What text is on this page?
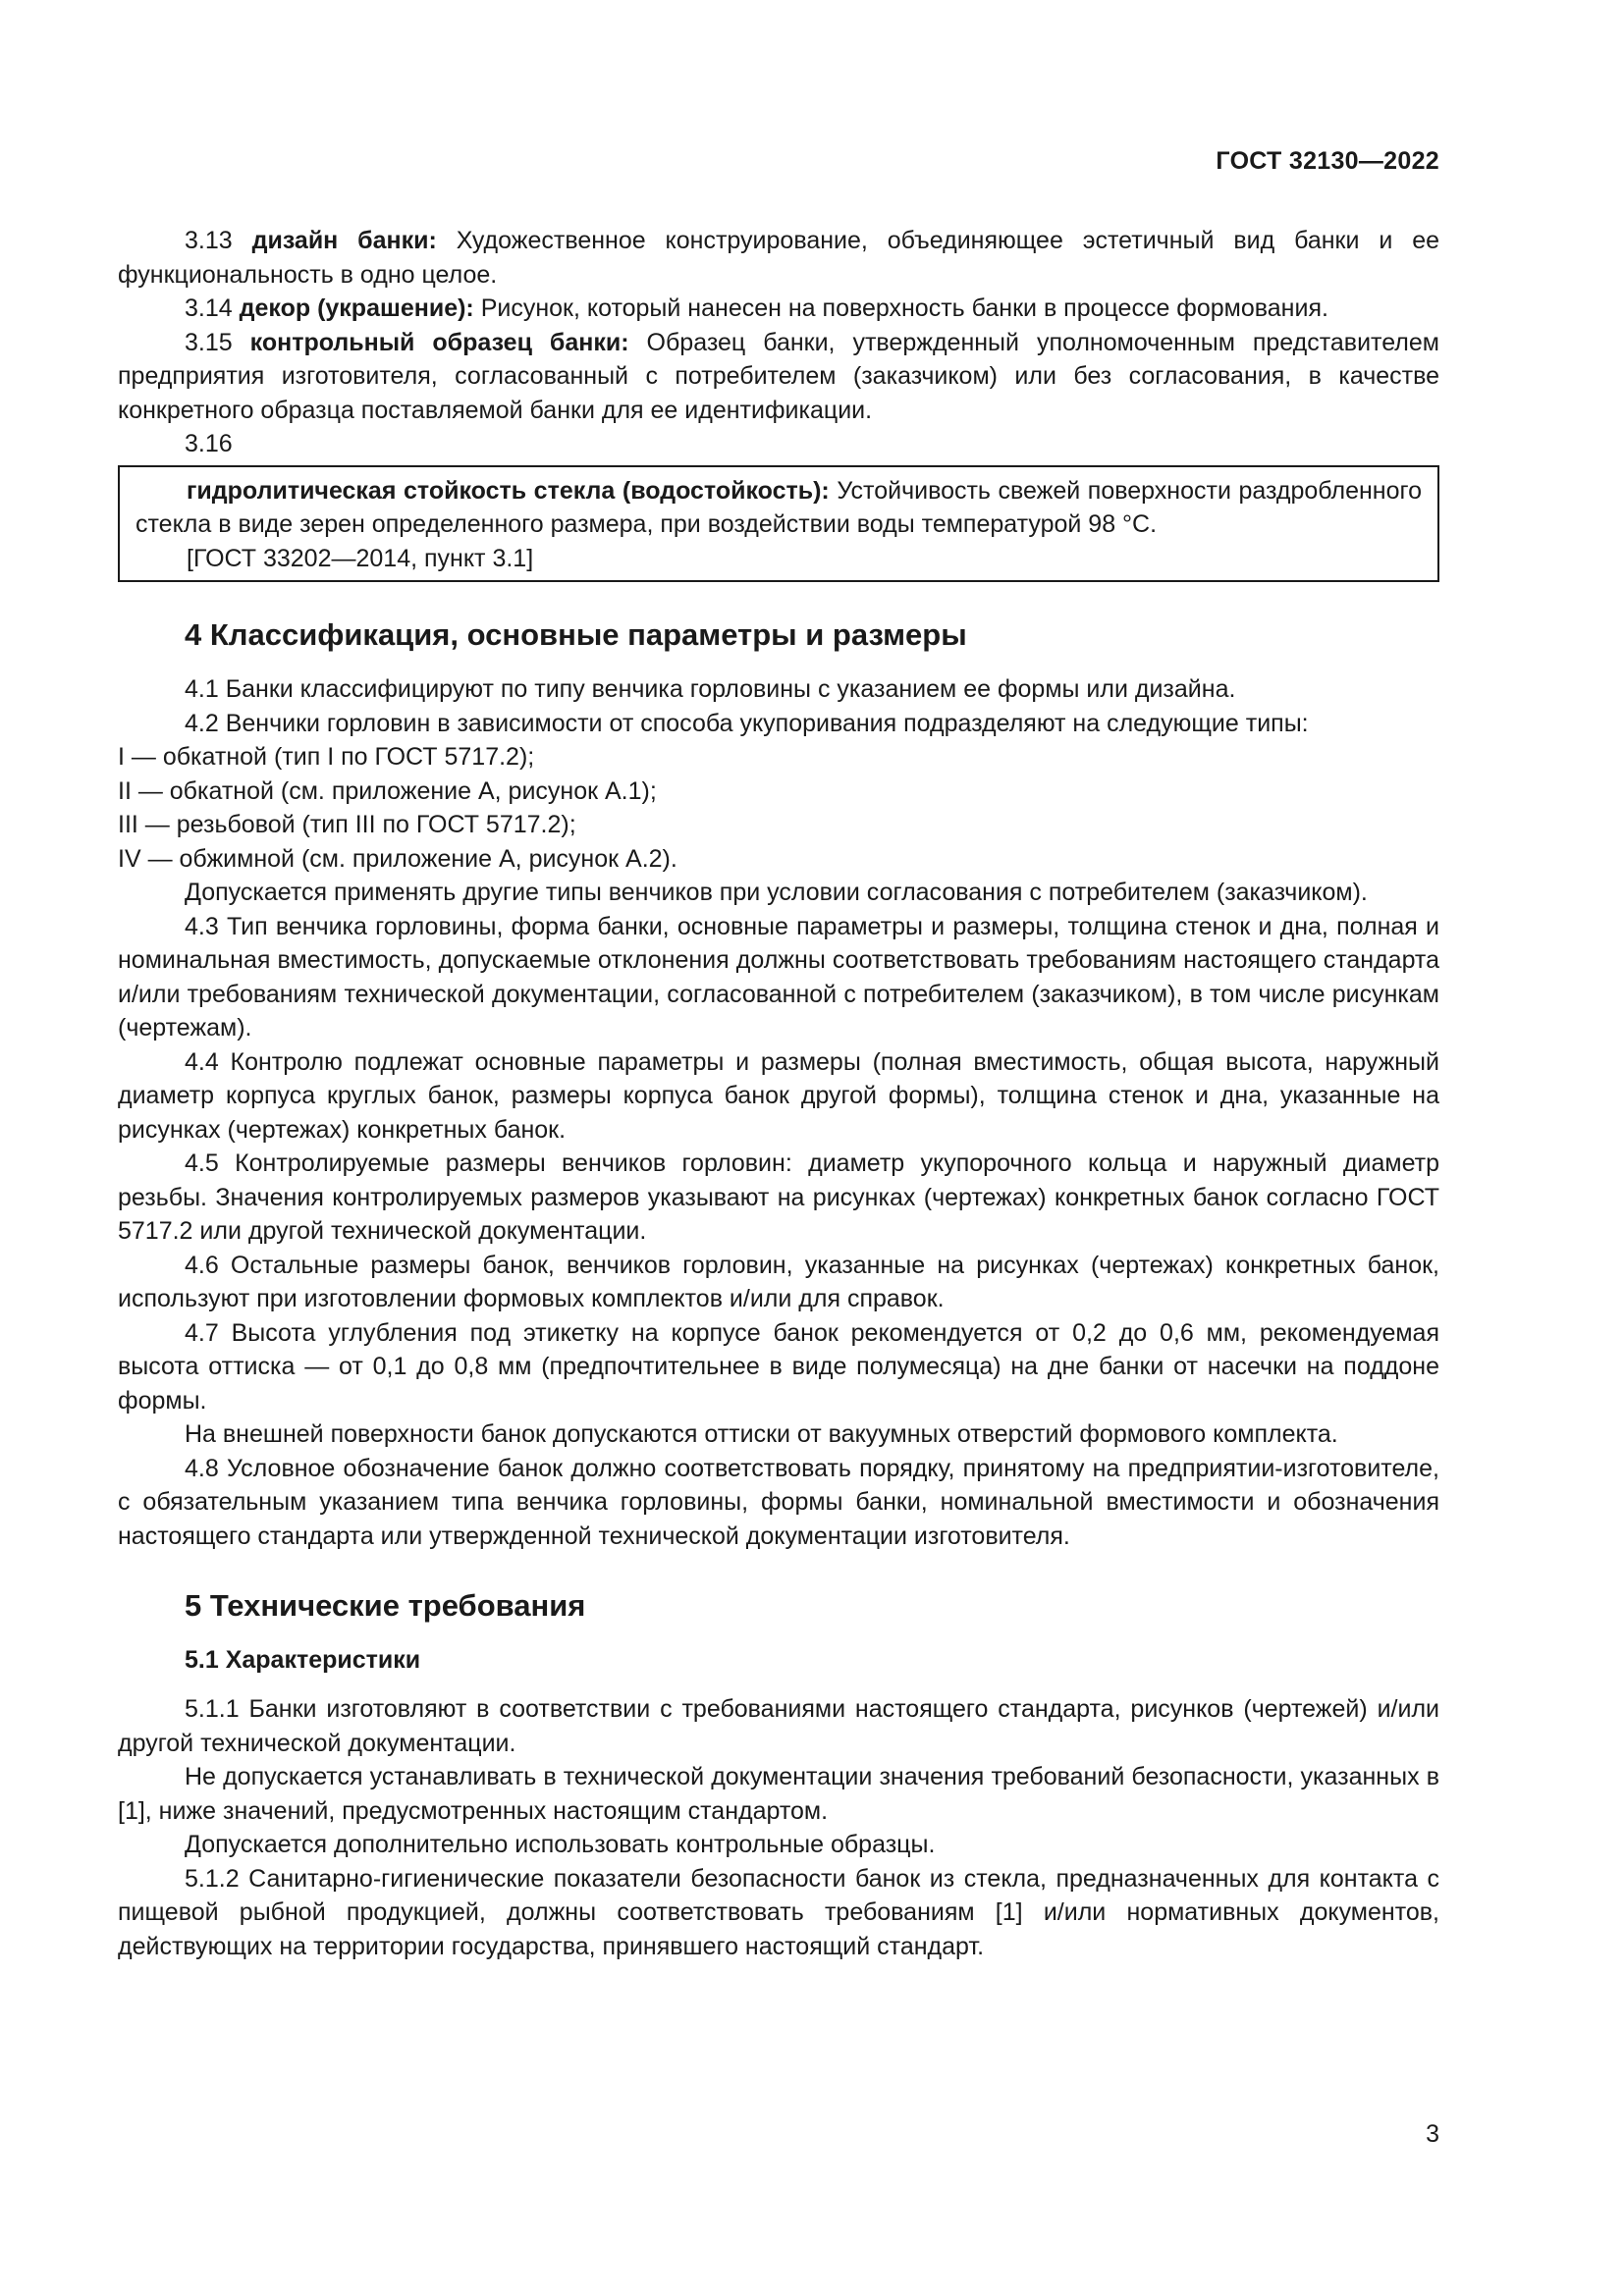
ГОСТ 32130—2022

3.13 дизайн банки: Художественное конструирование, объединяющее эстетичный вид банки и ее функциональность в одно целое.

3.14 декор (украшение): Рисунок, который нанесен на поверхность банки в процессе формования.

3.15 контрольный образец банки: Образец банки, утвержденный уполномоченным представителем предприятия изготовителя, согласованный с потребителем (заказчиком) или без согласования, в качестве конкретного образца поставляемой банки для ее идентификации.

3.16

гидролитическая стойкость стекла (водостойкость): Устойчивость свежей поверхности раздробленного стекла в виде зерен определенного размера, при воздействии воды температурой 98 °С.

[ГОСТ 33202—2014, пункт 3.1]

4 Классификация, основные параметры и размеры

4.1 Банки классифицируют по типу венчика горловины с указанием ее формы или дизайна.

4.2 Венчики горловин в зависимости от способа укупоривания подразделяют на следующие типы:

I — обкатной (тип I по ГОСТ 5717.2);

II — обкатной (см. приложение А, рисунок А.1);

III — резьбовой (тип III по ГОСТ 5717.2);

IV — обжимной (см. приложение А, рисунок А.2).

Допускается применять другие типы венчиков при условии согласования с потребителем (заказчиком).

4.3 Тип венчика горловины, форма банки, основные параметры и размеры, толщина стенок и дна, полная и номинальная вместимость, допускаемые отклонения должны соответствовать требованиям настоящего стандарта и/или требованиям технической документации, согласованной с потребителем (заказчиком), в том числе рисункам (чертежам).

4.4 Контролю подлежат основные параметры и размеры (полная вместимость, общая высота, наружный диаметр корпуса круглых банок, размеры корпуса банок другой формы), толщина стенок и дна, указанные на рисунках (чертежах) конкретных банок.

4.5 Контролируемые размеры венчиков горловин: диаметр укупорочного кольца и наружный диаметр резьбы. Значения контролируемых размеров указывают на рисунках (чертежах) конкретных банок согласно ГОСТ 5717.2 или другой технической документации.

4.6 Остальные размеры банок, венчиков горловин, указанные на рисунках (чертежах) конкретных банок, используют при изготовлении формовых комплектов и/или для справок.

4.7 Высота углубления под этикетку на корпусе банок рекомендуется от 0,2 до 0,6 мм, рекомендуемая высота оттиска — от 0,1 до 0,8 мм (предпочтительнее в виде полумесяца) на дне банки от насечки на поддоне формы.

На внешней поверхности банок допускаются оттиски от вакуумных отверстий формового комплекта.

4.8 Условное обозначение банок должно соответствовать порядку, принятому на предприятии-изготовителе, с обязательным указанием типа венчика горловины, формы банки, номинальной вместимости и обозначения настоящего стандарта или утвержденной технической документации изготовителя.

5 Технические требования
5.1 Характеристики

5.1.1 Банки изготовляют в соответствии с требованиями настоящего стандарта, рисунков (чертежей) и/или другой технической документации.

Не допускается устанавливать в технической документации значения требований безопасности, указанных в [1], ниже значений, предусмотренных настоящим стандартом.

Допускается дополнительно использовать контрольные образцы.

5.1.2 Санитарно-гигиенические показатели безопасности банок из стекла, предназначенных для контакта с пищевой рыбной продукцией, должны соответствовать требованиям [1] и/или нормативных документов, действующих на территории государства, принявшего настоящий стандарт.

3
